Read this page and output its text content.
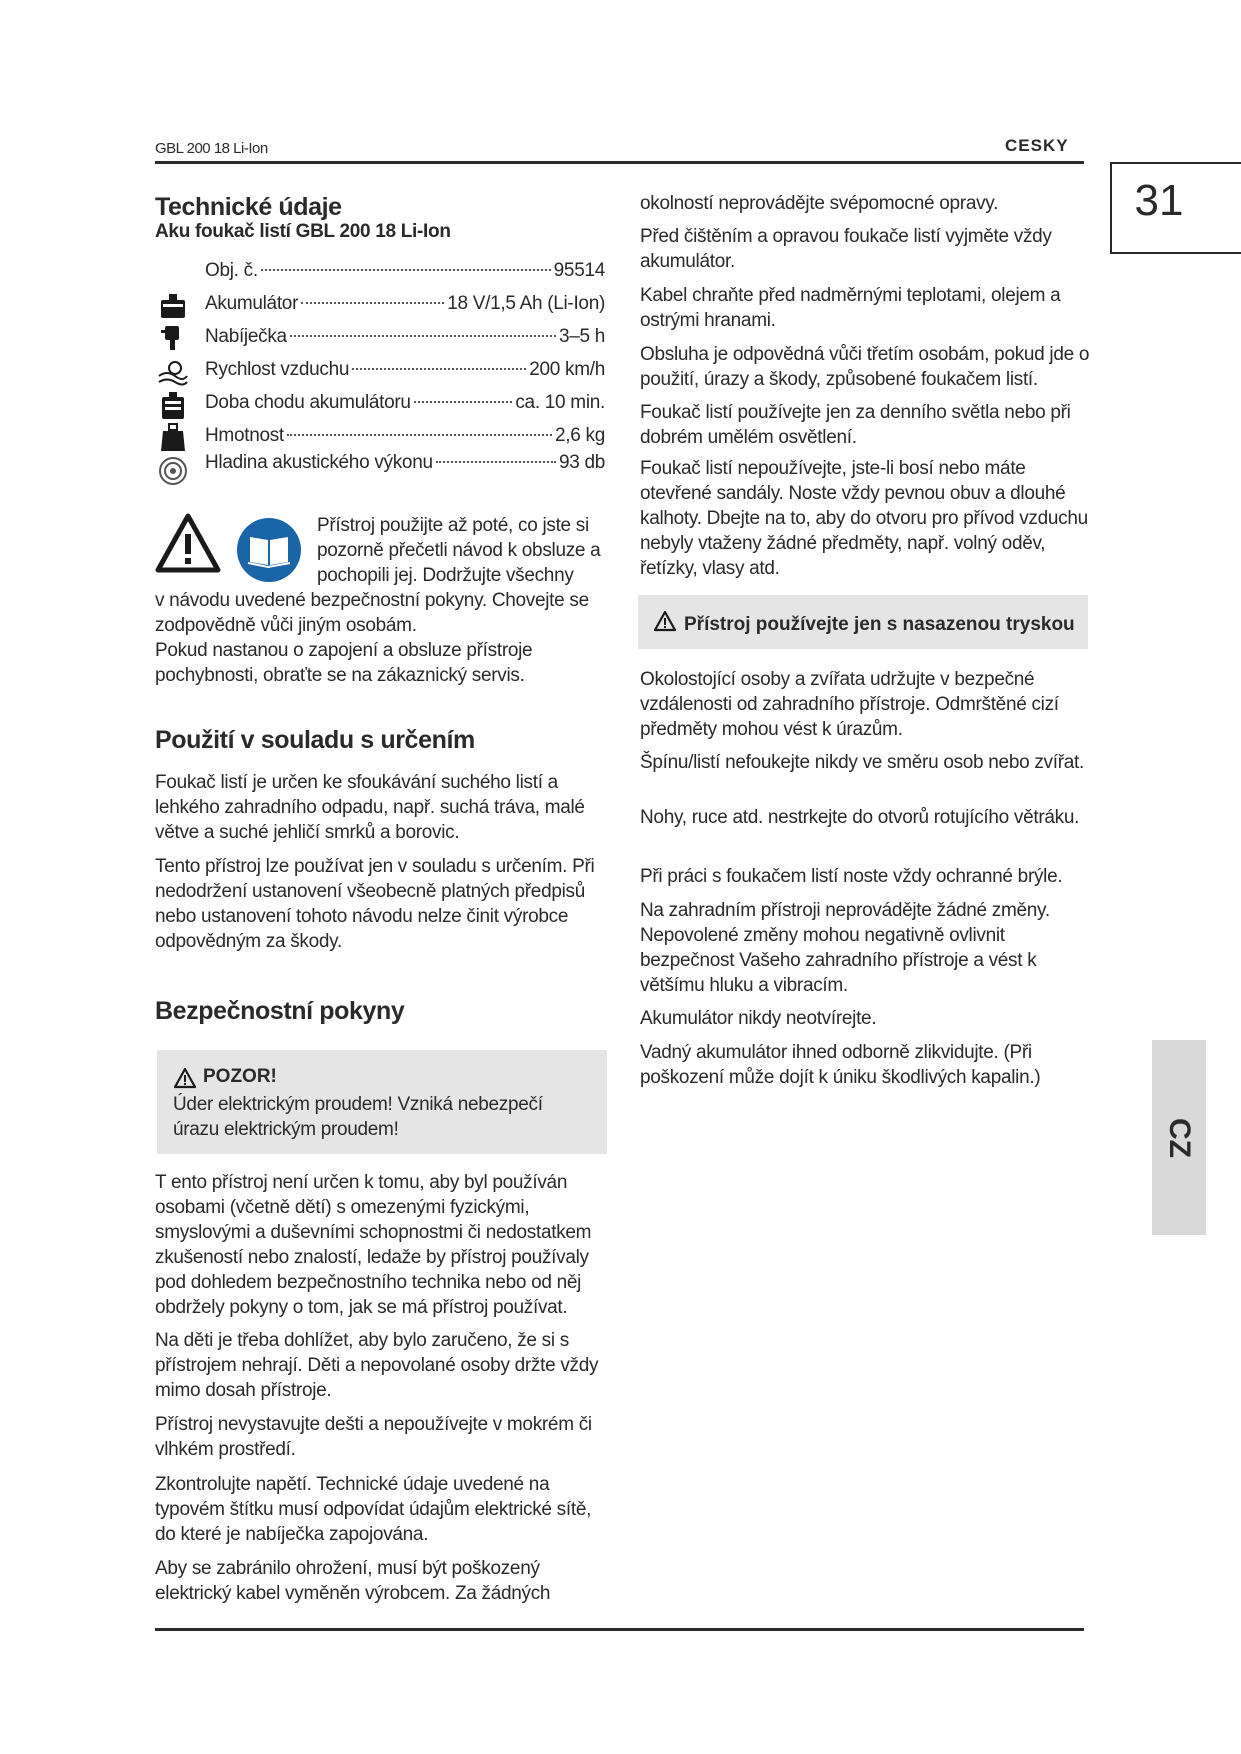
GBL 200 18 Li-Ion	CESKY
31
CZ
Technické údaje
Aku foukač listí GBL 200 18 Li-Ion
Obj. č.	95514
Akumulátor	18 V/1,5 Ah (Li-Ion)
Nabíječka	3–5 h
Rychlost vzduchu	200 km/h
Doba chodu akumulátoru	ca. 10 min.
Hmotnost	2,6 kg
Hladina akustického výkonu	93 db

Přístroj použijte až poté, co jste si pozorně přečetli návod k obsluze a pochopili jej. Dodržujte všechny

v návodu uvedené bezpečnostní pokyny. Chovejte se zodpovědně vůči jiným osobám.

Pokud nastanou o zapojení a obsluze přístroje pochybnosti, obraťte se na zákaznický servis.

Použití v souladu s určením

Foukač listí je určen ke sfoukávání suchého listí a lehkého zahradního odpadu, např. suchá tráva, malé větve a suché jehličí smrků a borovic.

Tento přístroj lze používat jen v souladu s určením. Při nedodržení ustanovení všeobecně platných předpisů nebo ustanovení tohoto návodu nelze činit výrobce odpovědným za škody.

Bezpečnostní pokyny
POZOR!

Úder elektrickým proudem! Vzniká nebezpečí úrazu elektrickým proudem!

T ento přístroj není určen k tomu, aby byl používán osobami (včetně dětí) s omezenými fyzickými, smyslovými a duševními schopnostmi či nedostatkem zkušeností nebo znalostí, ledaže by přístroj používaly pod dohledem bezpečnostního technika nebo od něj obdržely pokyny o tom, jak se má přístroj používat.

Na děti je třeba dohlížet, aby bylo zaručeno, že si s přístrojem nehrají. Děti a nepovolané osoby držte vždy mimo dosah přístroje.

Přístroj nevystavujte dešti a nepoužívejte v mokrém či vlhkém prostředí.

Zkontrolujte napětí. Technické údaje uvedené na typovém štítku musí odpovídat údajům elektrické sítě, do které je nabíječka zapojována.

Aby se zabránilo ohrožení, musí být poškozený elektrický kabel vyměněn výrobcem. Za žádných

okolností neprovádějte svépomocné opravy.

Před čištěním a opravou foukače listí vyjměte vždy akumulátor.

Kabel chraňte před nadměrnými teplotami, olejem a ostrými hranami.

Obsluha je odpovědná vůči třetím osobám, pokud jde o použití, úrazy a škody, způsobené foukačem listí.

Foukač listí používejte jen za denního světla nebo při dobrém umělém osvětlení.

Foukač listí nepoužívejte, jste-li bosí nebo máte otevřené sandály. Noste vždy pevnou obuv a dlouhé kalhoty. Dbejte na to, aby do otvoru pro přívod vzduchu nebyly vtaženy žádné předměty, např. volný oděv, řetízky, vlasy atd.

Přístroj používejte jen s nasazenou tryskou

Okolostojící osoby a zvířata udržujte v bezpečné vzdálenosti od zahradního přístroje. Odmrštěné cizí předměty mohou vést k úrazům.

Špínu/listí nefoukejte nikdy ve směru osob nebo zvířat.

Nohy, ruce atd. nestrkejte do otvorů rotujícího větráku.

Při práci s foukačem listí noste vždy ochranné brýle.

Na zahradním přístroji neprovádějte žádné změny. Nepovolené změny mohou negativně ovlivnit bezpečnost Vašeho zahradního přístroje a vést k většímu hluku a vibracím.

Akumulátor nikdy neotvírejte.

Vadný akumulátor ihned odborně zlikvidujte. (Při poškození může dojít k úniku škodlivých kapalin.)
